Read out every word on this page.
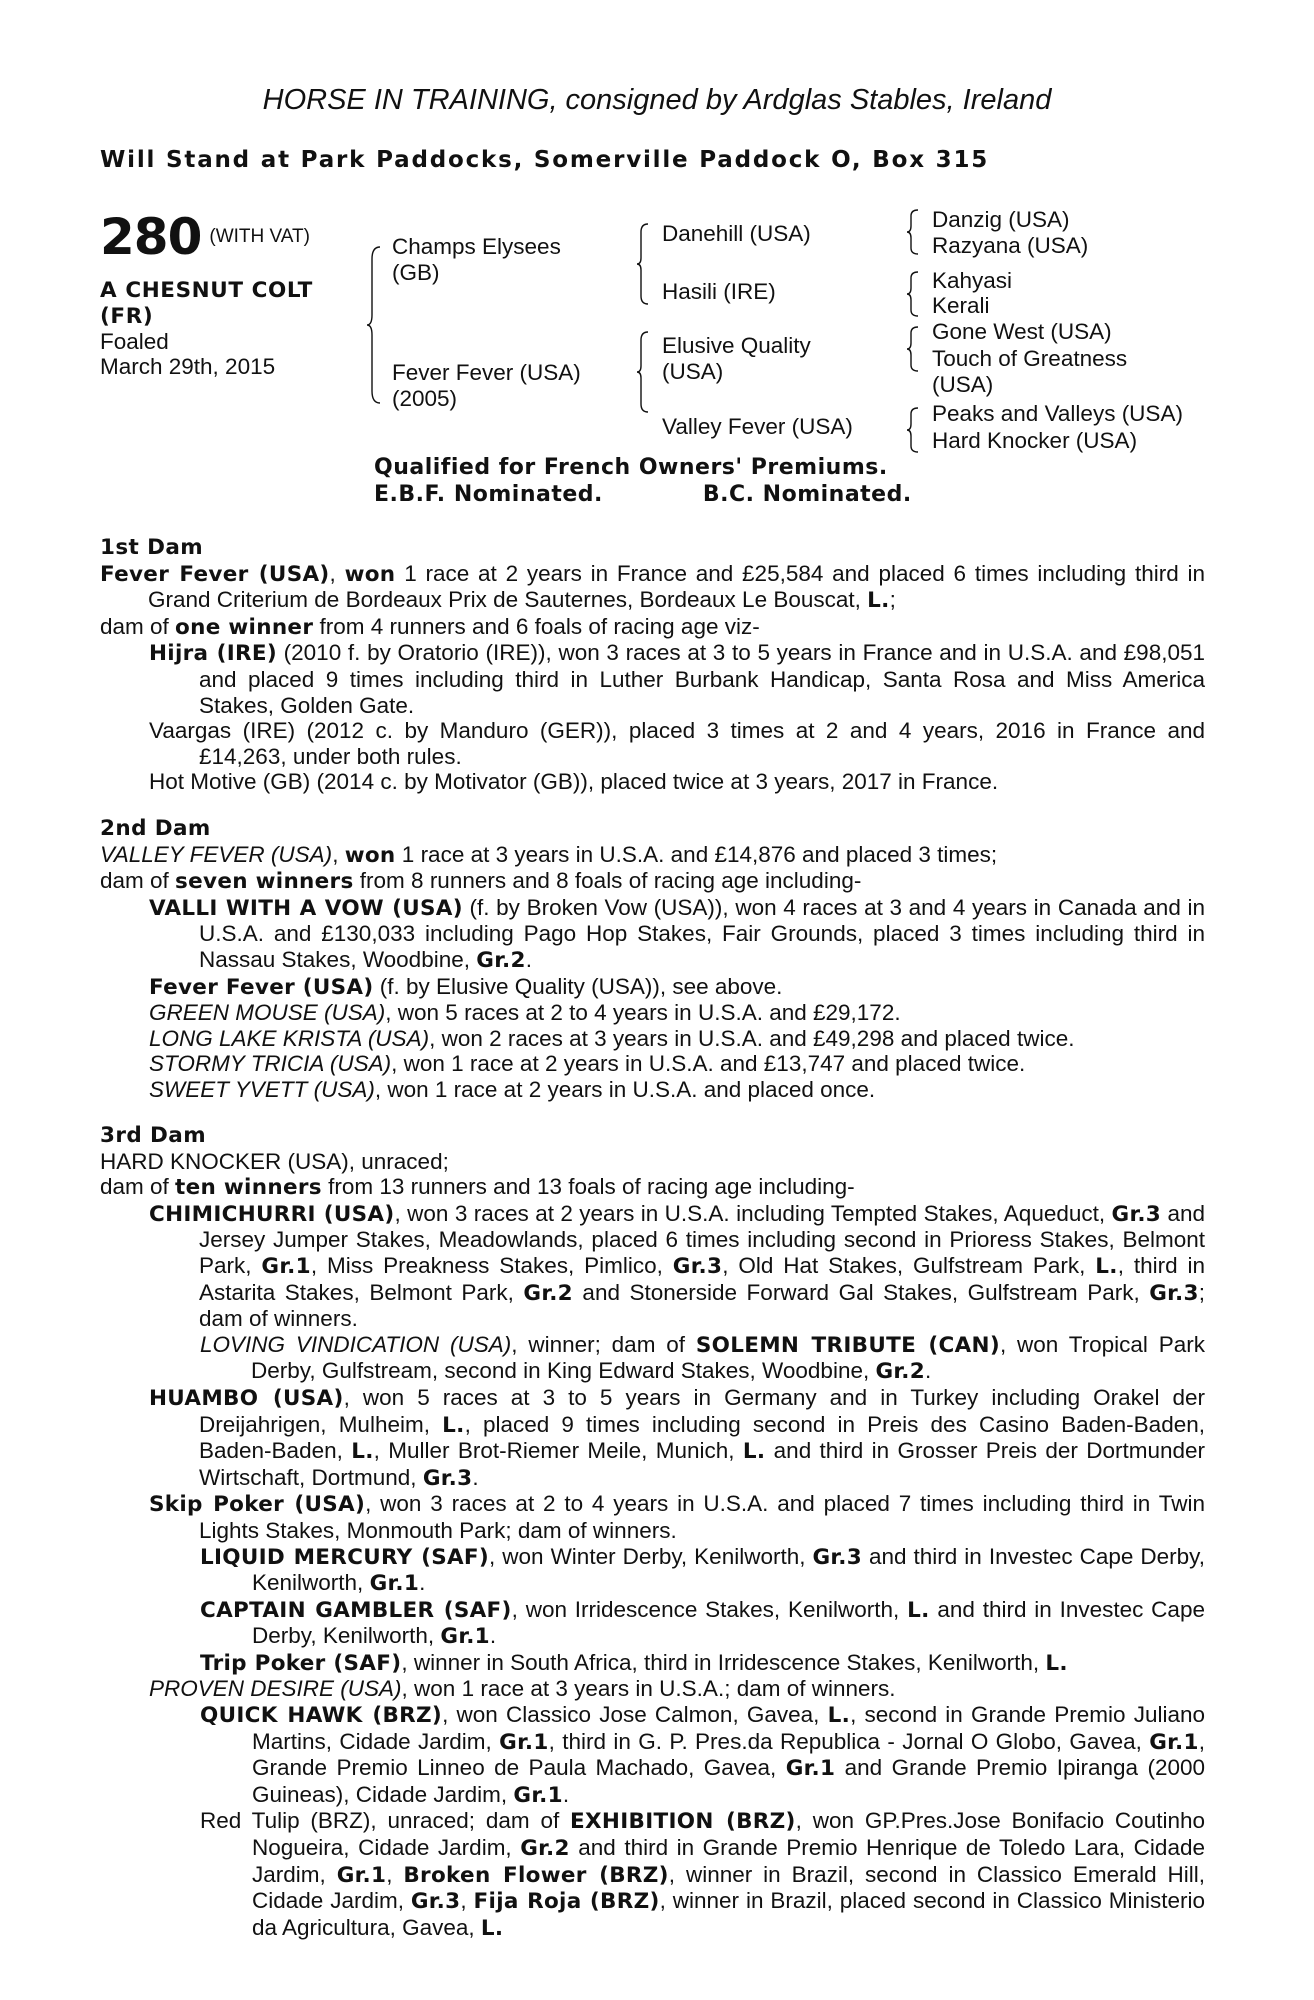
HORSE IN TRAINING, consigned by Ardglas Stables, Ireland
Will Stand at Park Paddocks, Somerville Paddock O, Box 315
280 (WITH VAT)
A CHESNUT COLT
(FR)
Foaled
March 29th, 2015
Champs Elysees
(GB)
Fever Fever (USA)
(2005)
Danehill (USA)
Hasili (IRE)
Elusive Quality
(USA)
Valley Fever (USA)
Danzig (USA)
Razyana (USA)
Kahyasi
Kerali
Gone West (USA)
Touch of Greatness
(USA)
Peaks and Valleys (USA)
Hard Knocker (USA)
Qualified for French Owners' Premiums.
E.B.F. Nominated.	B.C. Nominated.
1st Dam

Fever Fever (USA), won 1 race at 2 years in France and £25,584 and placed 6 times including third in Grand Criterium de Bordeaux Prix de Sauternes, Bordeaux Le Bouscat, L.;

dam of one winner from 4 runners and 6 foals of racing age viz-

Hijra (IRE) (2010 f. by Oratorio (IRE)), won 3 races at 3 to 5 years in France and in U.S.A. and £98,051 and placed 9 times including third in Luther Burbank Handicap, Santa Rosa and Miss America Stakes, Golden Gate.

Vaargas (IRE) (2012 c. by Manduro (GER)), placed 3 times at 2 and 4 years, 2016 in France and £14,263, under both rules.

Hot Motive (GB) (2014 c. by Motivator (GB)), placed twice at 3 years, 2017 in France.

2nd Dam

VALLEY FEVER (USA), won 1 race at 3 years in U.S.A. and £14,876 and placed 3 times;

dam of seven winners from 8 runners and 8 foals of racing age including-

VALLI WITH A VOW (USA) (f. by Broken Vow (USA)), won 4 races at 3 and 4 years in Canada and in U.S.A. and £130,033 including Pago Hop Stakes, Fair Grounds, placed 3 times including third in Nassau Stakes, Woodbine, Gr.2.

Fever Fever (USA) (f. by Elusive Quality (USA)), see above.

GREEN MOUSE (USA), won 5 races at 2 to 4 years in U.S.A. and £29,172.

LONG LAKE KRISTA (USA), won 2 races at 3 years in U.S.A. and £49,298 and placed twice.

STORMY TRICIA (USA), won 1 race at 2 years in U.S.A. and £13,747 and placed twice.

SWEET YVETT (USA), won 1 race at 2 years in U.S.A. and placed once.

3rd Dam

HARD KNOCKER (USA), unraced;

dam of ten winners from 13 runners and 13 foals of racing age including-

CHIMICHURRI (USA), won 3 races at 2 years in U.S.A. including Tempted Stakes, Aqueduct, Gr.3 and Jersey Jumper Stakes, Meadowlands, placed 6 times including second in Prioress Stakes, Belmont Park, Gr.1, Miss Preakness Stakes, Pimlico, Gr.3, Old Hat Stakes, Gulfstream Park, L., third in Astarita Stakes, Belmont Park, Gr.2 and Stonerside Forward Gal Stakes, Gulfstream Park, Gr.3; dam of winners.

LOVING VINDICATION (USA), winner; dam of SOLEMN TRIBUTE (CAN), won Tropical Park Derby, Gulfstream, second in King Edward Stakes, Woodbine, Gr.2.

HUAMBO (USA), won 5 races at 3 to 5 years in Germany and in Turkey including Orakel der Dreijahrigen, Mulheim, L., placed 9 times including second in Preis des Casino Baden-Baden, Baden-Baden, L., Muller Brot-Riemer Meile, Munich, L. and third in Grosser Preis der Dortmunder Wirtschaft, Dortmund, Gr.3.

Skip Poker (USA), won 3 races at 2 to 4 years in U.S.A. and placed 7 times including third in Twin Lights Stakes, Monmouth Park; dam of winners.

LIQUID MERCURY (SAF), won Winter Derby, Kenilworth, Gr.3 and third in Investec Cape Derby, Kenilworth, Gr.1.

CAPTAIN GAMBLER (SAF), won Irridescence Stakes, Kenilworth, L. and third in Investec Cape Derby, Kenilworth, Gr.1.

Trip Poker (SAF), winner in South Africa, third in Irridescence Stakes, Kenilworth, L.

PROVEN DESIRE (USA), won 1 race at 3 years in U.S.A.; dam of winners.

QUICK HAWK (BRZ), won Classico Jose Calmon, Gavea, L., second in Grande Premio Juliano Martins, Cidade Jardim, Gr.1, third in G. P. Pres.da Republica - Jornal O Globo, Gavea, Gr.1, Grande Premio Linneo de Paula Machado, Gavea, Gr.1 and Grande Premio Ipiranga (2000 Guineas), Cidade Jardim, Gr.1.

Red Tulip (BRZ), unraced; dam of EXHIBITION (BRZ), won GP.Pres.Jose Bonifacio Coutinho Nogueira, Cidade Jardim, Gr.2 and third in Grande Premio Henrique de Toledo Lara, Cidade Jardim, Gr.1, Broken Flower (BRZ), winner in Brazil, second in Classico Emerald Hill, Cidade Jardim, Gr.3, Fija Roja (BRZ), winner in Brazil, placed second in Classico Ministerio da Agricultura, Gavea, L.
